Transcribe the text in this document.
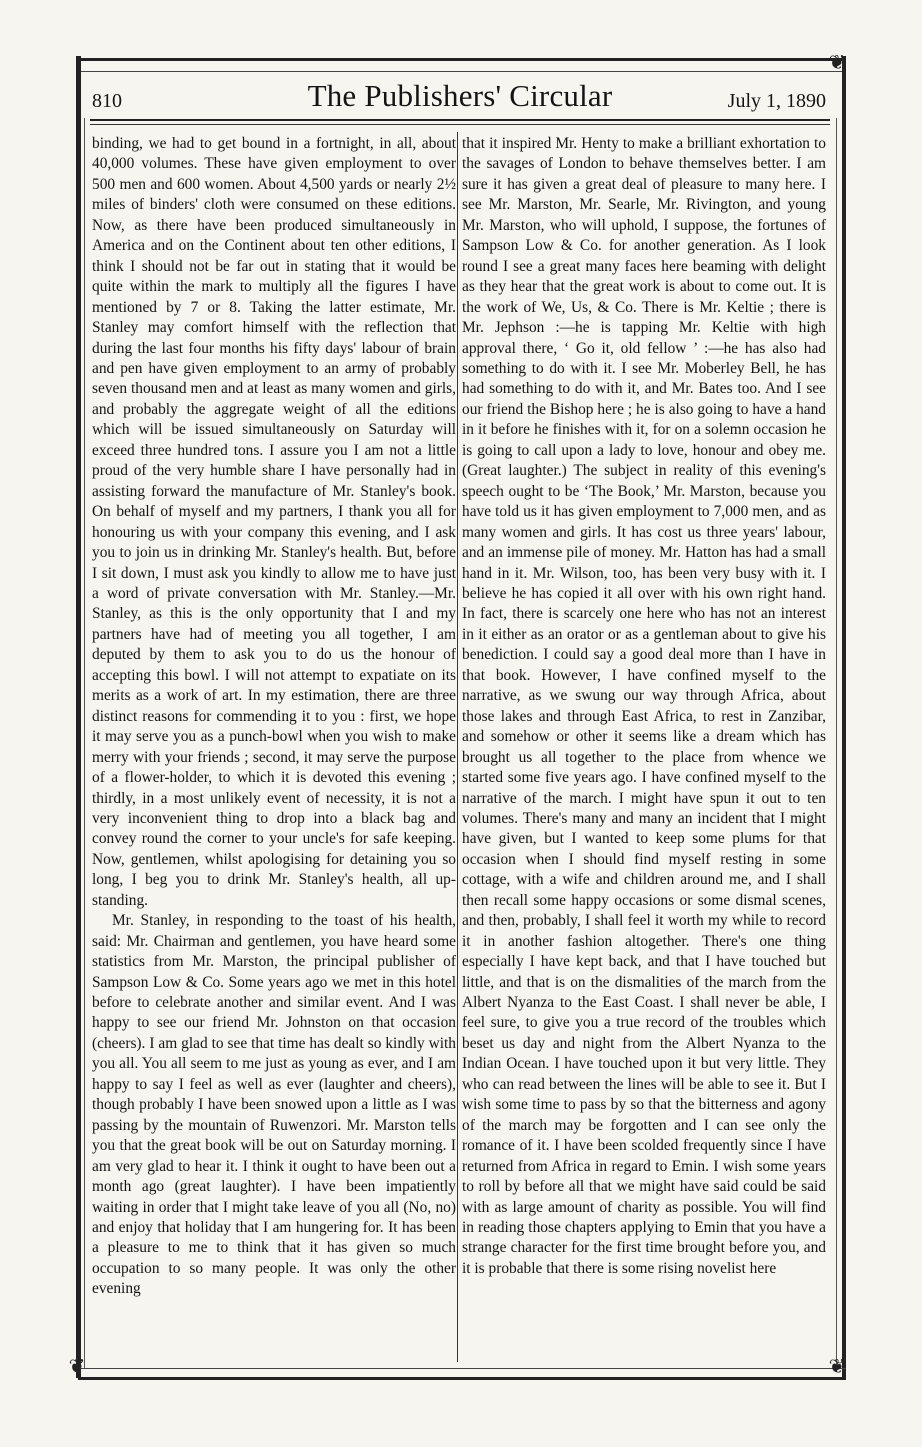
❦
❦
❦
810	The Publishers' Circular	July 1, 1890

binding, we had to get bound in a fortnight, in all, about 40,000 volumes. These have given employment to over 500 men and 600 women. About 4,500 yards or nearly 2½ miles of binders' cloth were consumed on these editions. Now, as there have been produced simultaneously in America and on the Continent about ten other editions, I think I should not be far out in stating that it would be quite within the mark to multiply all the figures I have mentioned by 7 or 8. Taking the latter estimate, Mr. Stanley may comfort himself with the reflection that during the last four months his fifty days' labour of brain and pen have given employment to an army of probably seven thousand men and at least as many women and girls, and probably the aggregate weight of all the editions which will be issued simultaneously on Saturday will exceed three hundred tons. I assure you I am not a little proud of the very humble share I have personally had in assisting forward the manufacture of Mr. Stanley's book. On behalf of myself and my partners, I thank you all for honouring us with your company this evening, and I ask you to join us in drinking Mr. Stanley's health. But, before I sit down, I must ask you kindly to allow me to have just a word of private conversation with Mr. Stanley.—Mr. Stanley, as this is the only opportunity that I and my partners have had of meeting you all together, I am deputed by them to ask you to do us the honour of accepting this bowl. I will not attempt to expatiate on its merits as a work of art. In my estimation, there are three distinct reasons for commending it to you : first, we hope it may serve you as a punch-bowl when you wish to make merry with your friends ; second, it may serve the purpose of a flower-holder, to which it is devoted this evening ; thirdly, in a most unlikely event of necessity, it is not a very inconvenient thing to drop into a black bag and convey round the corner to your uncle's for safe keeping. Now, gentlemen, whilst apologising for detaining you so long, I beg you to drink Mr. Stanley's health, all up-standing.

Mr. Stanley, in responding to the toast of his health, said: Mr. Chairman and gentlemen, you have heard some statistics from Mr. Marston, the principal publisher of Sampson Low & Co. Some years ago we met in this hotel before to celebrate another and similar event. And I was happy to see our friend Mr. Johnston on that occasion (cheers). I am glad to see that time has dealt so kindly with you all. You all seem to me just as young as ever, and I am happy to say I feel as well as ever (laughter and cheers), though probably I have been snowed upon a little as I was passing by the mountain of Ruwenzori. Mr. Marston tells you that the great book will be out on Saturday morning. I am very glad to hear it. I think it ought to have been out a month ago (great laughter). I have been impatiently waiting in order that I might take leave of you all (No, no) and enjoy that holiday that I am hungering for. It has been a pleasure to me to think that it has given so much occupation to so many people. It was only the other evening

that it inspired Mr. Henty to make a brilliant exhortation to the savages of London to behave themselves better. I am sure it has given a great deal of pleasure to many here. I see Mr. Marston, Mr. Searle, Mr. Rivington, and young Mr. Marston, who will uphold, I suppose, the fortunes of Sampson Low & Co. for another generation. As I look round I see a great many faces here beaming with delight as they hear that the great work is about to come out. It is the work of We, Us, & Co. There is Mr. Keltie ; there is Mr. Jephson :—he is tapping Mr. Keltie with high approval there, ‘ Go it, old fellow ’ :—he has also had something to do with it. I see Mr. Moberley Bell, he has had something to do with it, and Mr. Bates too. And I see our friend the Bishop here ; he is also going to have a hand in it before he finishes with it, for on a solemn occasion he is going to call upon a lady to love, honour and obey me. (Great laughter.) The subject in reality of this evening's speech ought to be ‘The Book,’ Mr. Marston, because you have told us it has given employment to 7,000 men, and as many women and girls. It has cost us three years' labour, and an immense pile of money. Mr. Hatton has had a small hand in it. Mr. Wilson, too, has been very busy with it. I believe he has copied it all over with his own right hand. In fact, there is scarcely one here who has not an interest in it either as an orator or as a gentleman about to give his benediction. I could say a good deal more than I have in that book. However, I have confined myself to the narrative, as we swung our way through Africa, about those lakes and through East Africa, to rest in Zanzibar, and somehow or other it seems like a dream which has brought us all together to the place from whence we started some five years ago. I have confined myself to the narrative of the march. I might have spun it out to ten volumes. There's many and many an incident that I might have given, but I wanted to keep some plums for that occasion when I should find myself resting in some cottage, with a wife and children around me, and I shall then recall some happy occasions or some dismal scenes, and then, probably, I shall feel it worth my while to record it in another fashion altogether. There's one thing especially I have kept back, and that I have touched but little, and that is on the dismalities of the march from the Albert Nyanza to the East Coast. I shall never be able, I feel sure, to give you a true record of the troubles which beset us day and night from the Albert Nyanza to the Indian Ocean. I have touched upon it but very little. They who can read between the lines will be able to see it. But I wish some time to pass by so that the bitterness and agony of the march may be forgotten and I can see only the romance of it. I have been scolded frequently since I have returned from Africa in regard to Emin. I wish some years to roll by before all that we might have said could be said with as large amount of charity as possible. You will find in reading those chapters applying to Emin that you have a strange character for the first time brought before you, and it is probable that there is some rising novelist here
